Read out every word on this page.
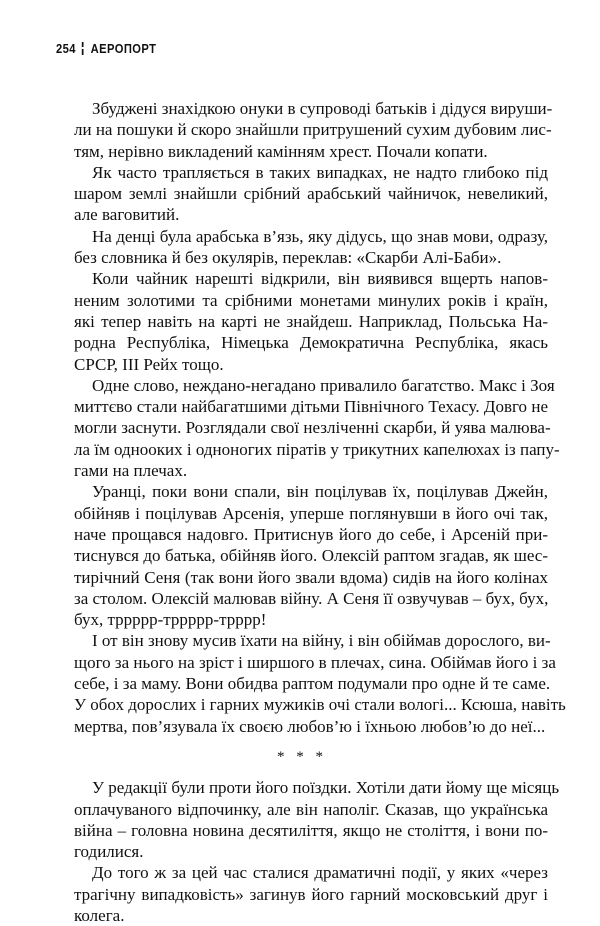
254 АЕРОПОРТ
Збуджені знахідкою онуки в супроводі батьків і дідуся вируши-
ли на пошуки й скоро знайшли притрушений сухим дубовим лис-
тям, нерівно викладений камінням хрест. Почали копати.
Як часто трапляється в таких випадках, не надто глибоко під
шаром землі знайшли срібний арабський чайничок, невеликий,
але ваговитий.
На денці була арабська в’язь, яку дідусь, що знав мови, одразу,
без словника й без окулярів, переклав: «Скарби Алі-Баби».
Коли чайник нарешті відкрили, він виявився вщерть напов-
неним золотими та срібними монетами минулих років і країн,
які тепер навіть на карті не знайдеш. Наприклад, Польська На-
родна Республіка, Німецька Демократична Республіка, якась
СРСР, III Рейх тощо.
Одне слово, неждано-негадано привалило багатство. Макс і Зоя
миттєво стали найбагатшими дітьми Північного Техасу. Довго не
могли заснути. Розглядали свої незліченні скарби, й уява малюва-
ла їм однооких і одноногих піратів у трикутних капелюхах із папу-
гами на плечах.
Уранці, поки вони спали, він поцілував їх, поцілував Джейн,
обійняв і поцілував Арсенія, уперше поглянувши в його очі так,
наче прощався надовго. Притиснув його до себе, і Арсеній при-
тиснувся до батька, обійняв його. Олексій раптом згадав, як шес-
тирічний Сеня (так вони його звали вдома) сидів на його колінах
за столом. Олексій малював війну. А Сеня її озвучував – бух, бух,
бух, трpppp-трpppp-трppp!
І от він знову мусив їхати на війну, і він обіймав дорослого, ви-
щого за нього на зріст і ширшого в плечах, сина. Обіймав його і за
себе, і за маму. Вони обидва раптом подумали про одне й те саме.
У обох дорослих і гарних мужиків очі стали вологі... Ксюша, навіть
мертва, пов’язувала їх своєю любов’ю і їхньою любов’ю до неї...
* * *
У редакції були проти його поїздки. Хотіли дати йому ще місяць
оплачуваного відпочинку, але він наполіг. Сказав, що українська
війна – головна новина десятиліття, якщо не століття, і вони по-
годилися.
До того ж за цей час сталися драматичні події, у яких «через
трагічну випадковість» загинув його гарний московський друг і
колега.
